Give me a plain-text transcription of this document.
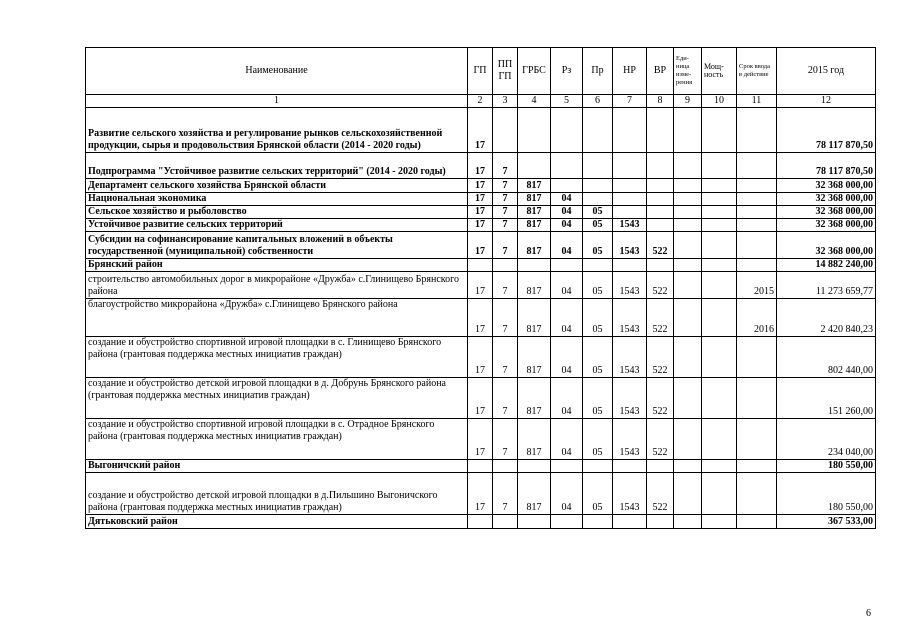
Наименование	ГП	ПП ГП	ГРБС	Рз	Пр	НР	ВР	Еди- ница изме- рения	Мощ- ность	Срок ввода в действие	2015 год
1	2	3	4	5	6	7	8	9	10	11	12
Развитие сельского хозяйства и регулирование рынков сельскохозяйственной продукции, сырья и продовольствия Брянской области (2014 - 2020 годы)	17										78 117 870,50
Подпрограмма "Устойчивое развитие сельских территорий" (2014 - 2020 годы)	17	7									78 117 870,50
Департамент сельского хозяйства Брянской области	17	7	817								32 368 000,00
Национальная экономика	17	7	817	04							32 368 000,00
Сельское хозяйство и рыболовство	17	7	817	04	05						32 368 000,00
Устойчивое развитие сельских территорий	17	7	817	04	05	1543					32 368 000,00
Субсидии на софинансирование капитальных вложений в объекты государственной (муниципальной) собственности	17	7	817	04	05	1543	522				32 368 000,00
Брянский район											14 882 240,00
строительство автомобильных дорог в микрорайоне «Дружба» с.Глинищево Брянского района	17	7	817	04	05	1543	522			2015	11 273 659,77
благоустройство микрорайона «Дружба» с.Глинищево Брянского района	17	7	817	04	05	1543	522			2016	2 420 840,23
создание и обустройство спортивной игровой площадки в с. Глинищево Брянского района (грантовая поддержка местных инициатив граждан)	17	7	817	04	05	1543	522				802 440,00
создание и обустройство детской игровой площадки в д. Добрунь Брянского района (грантовая поддержка местных инициатив граждан)	17	7	817	04	05	1543	522				151 260,00
создание и обустройство спортивной игровой площадки в с. Отрадное Брянского района (грантовая поддержка местных инициатив граждан)	17	7	817	04	05	1543	522				234 040,00
Выгоничский район											180 550,00
создание и обустройство детской игровой площадки в д.Пильшино Выгоничского района (грантовая поддержка местных инициатив граждан)	17	7	817	04	05	1543	522				180 550,00
Дятьковский район											367 533,00
6
